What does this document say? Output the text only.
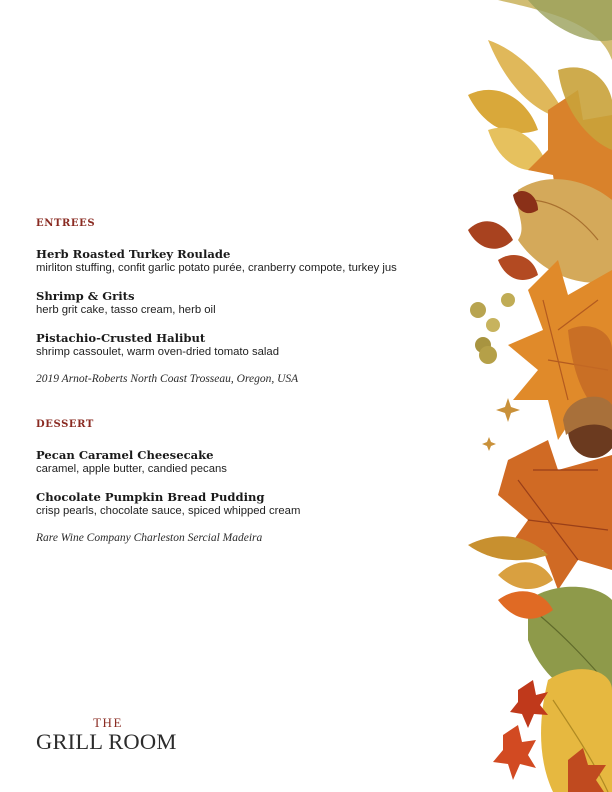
ENTREES
Herb Roasted Turkey Roulade
mirliton stuffing, confit garlic potato purée, cranberry compote, turkey jus
Shrimp & Grits
herb grit cake, tasso cream, herb oil
Pistachio-Crusted Halibut
shrimp cassoulet, warm oven-dried tomato salad
2019 Arnot-Roberts North Coast Trosseau, Oregon, USA
DESSERT
Pecan Caramel Cheesecake
caramel, apple butter, candied pecans
Chocolate Pumpkin Bread Pudding
crisp pearls, chocolate sauce, spiced whipped cream
Rare Wine Company Charleston Sercial Madeira
THE
GRILL ROOM
